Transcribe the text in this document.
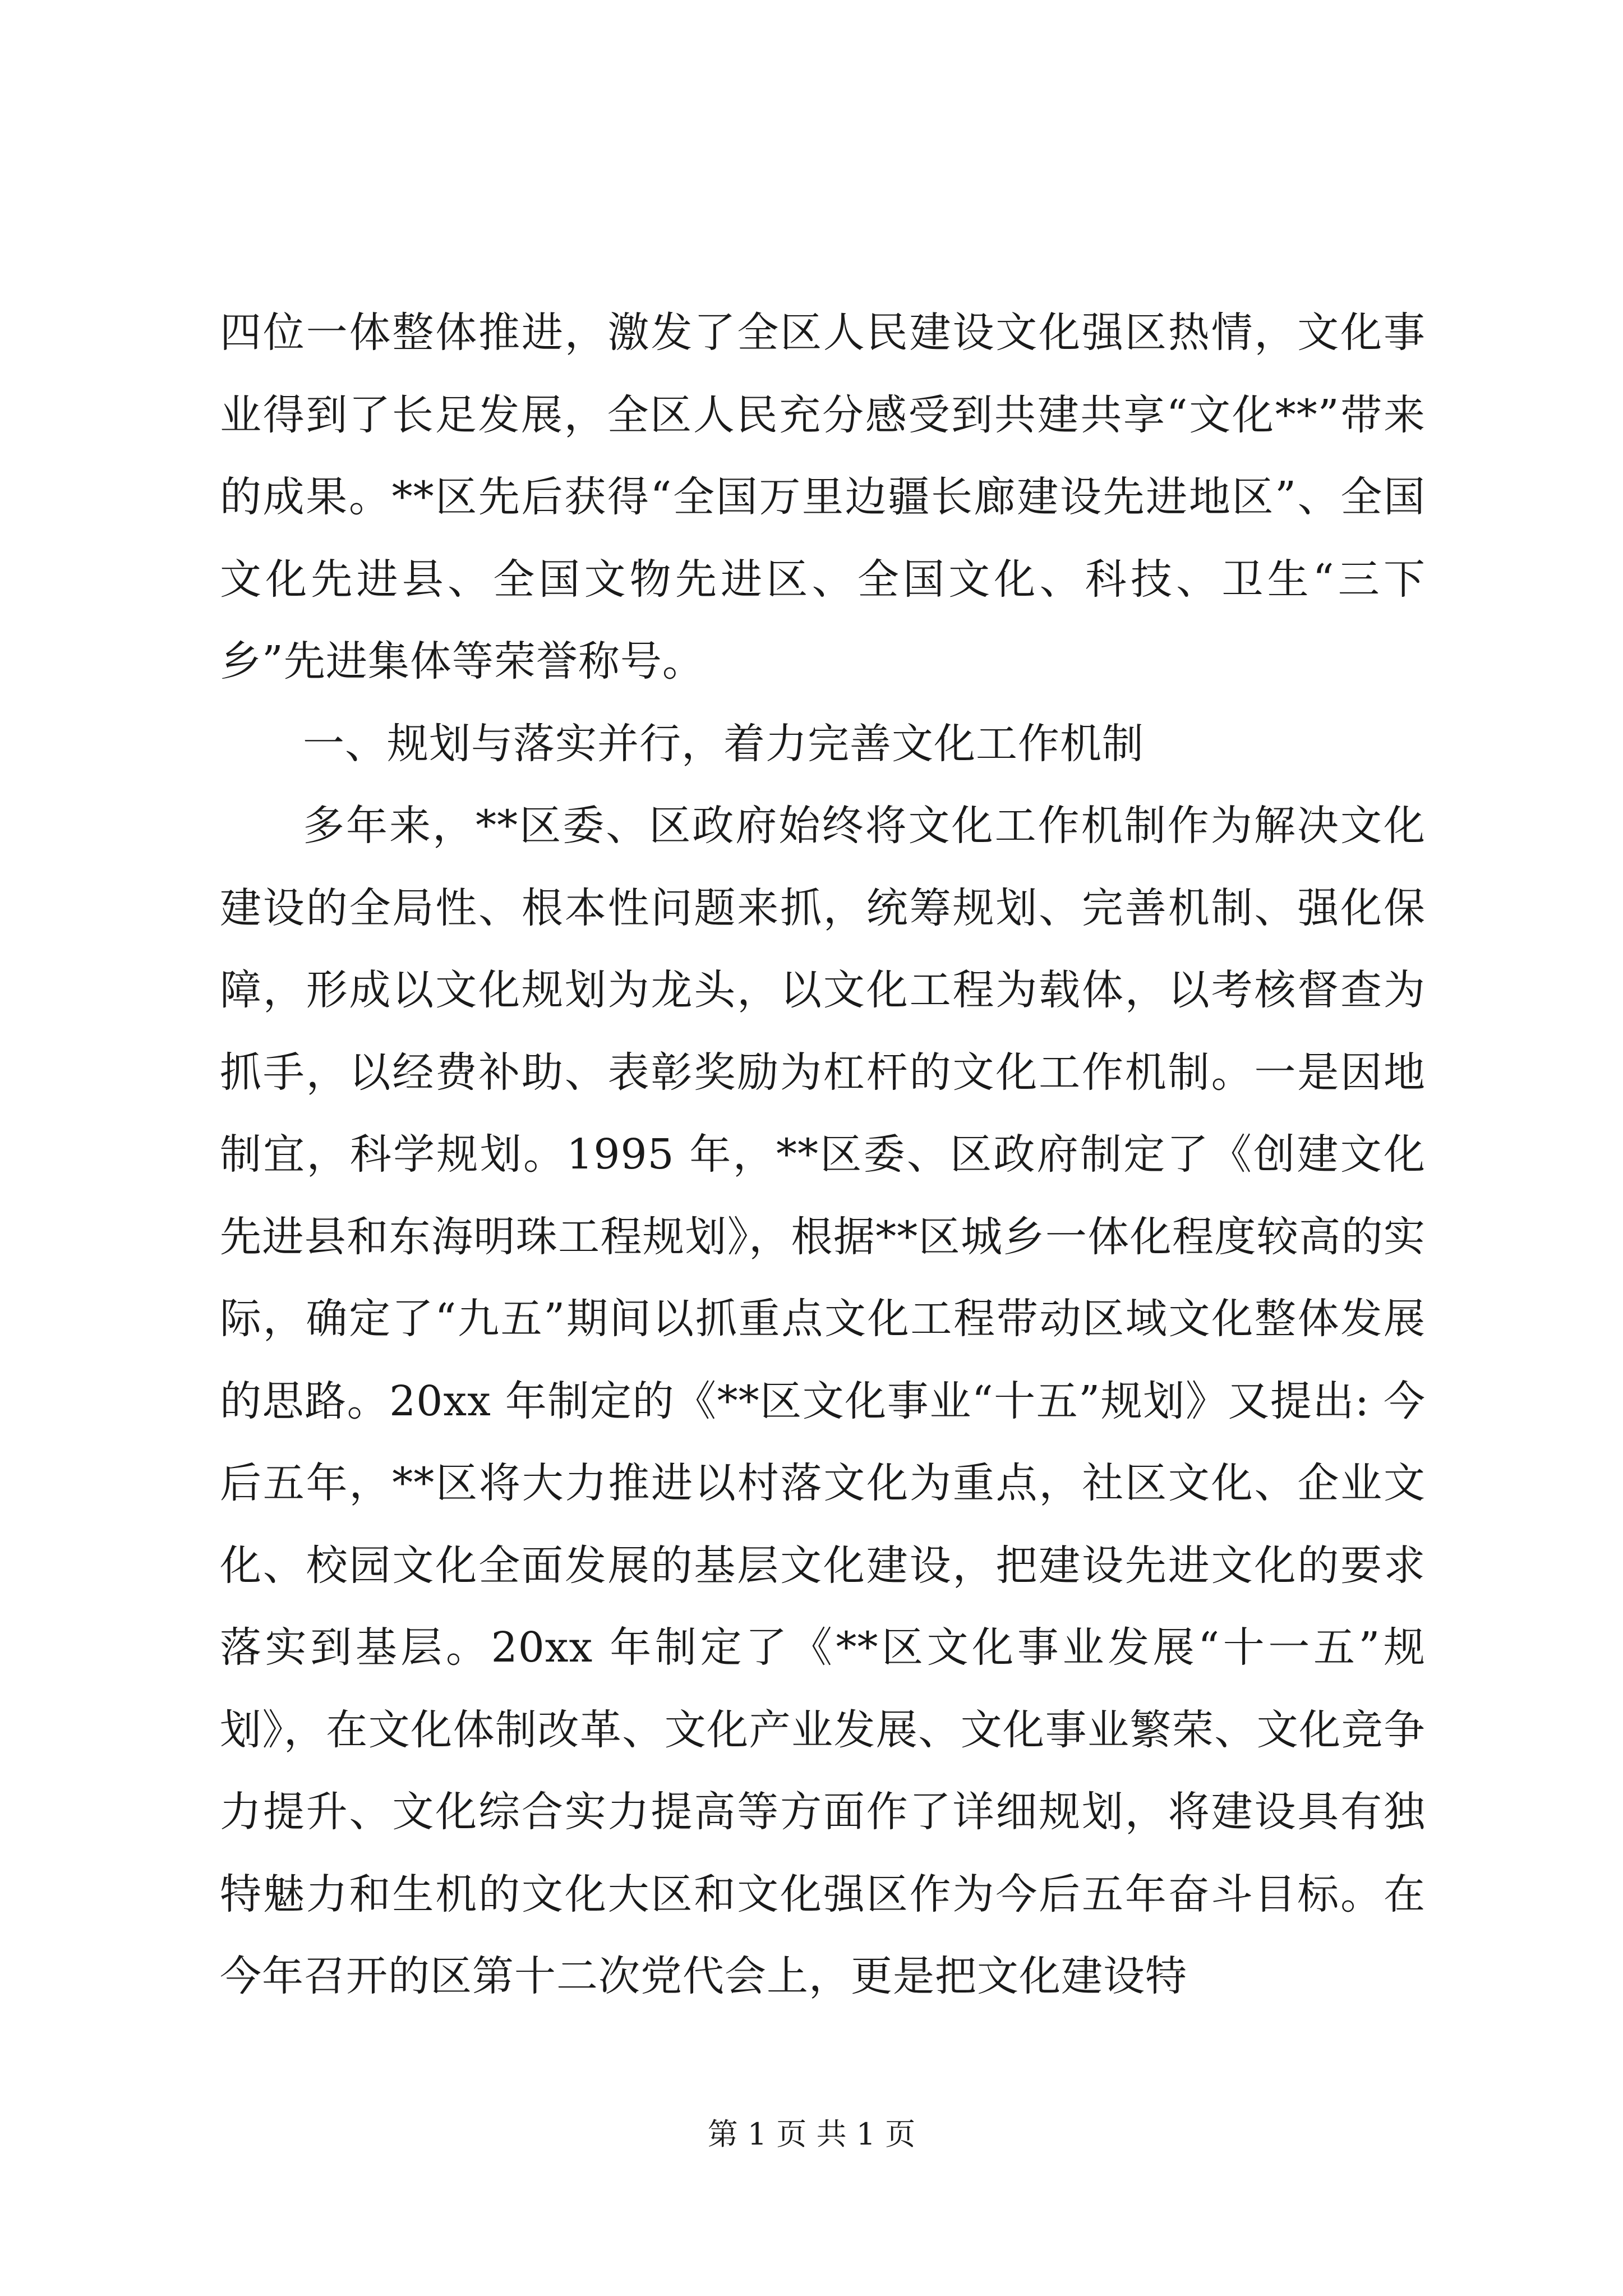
四位一体整体推进，激发了全区人民建设文化强区热情，文化事业得到了长足发展，全区人民充分感受到共建共享“文化**”带来的成果。**区先后获得“全国万里边疆长廊建设先进地区”、全国文化先进县、全国文物先进区、全国文化、科技、卫生“三下乡”先进集体等荣誉称号。

一、规划与落实并行，着力完善文化工作机制

多年来，**区委、区政府始终将文化工作机制作为解决文化建设的全局性、根本性问题来抓，统筹规划、完善机制、强化保障，形成以文化规划为龙头，以文化工程为载体，以考核督查为抓手，以经费补助、表彰奖励为杠杆的文化工作机制。一是因地制宜，科学规划。1995 年，**区委、区政府制定了《创建文化先进县和东海明珠工程规划》，根据**区城乡一体化程度较高的实际，确定了“九五”期间以抓重点文化工程带动区域文化整体发展的思路。20xx 年制定的《**区文化事业“十五”规划》又提出: 今后五年，**区将大力推进以村落文化为重点，社区文化、企业文化、校园文化全面发展的基层文化建设，把建设先进文化的要求落实到基层。20xx 年制定了《**区文化事业发展“十一五”规划》，在文化体制改革、文化产业发展、文化事业繁荣、文化竞争力提升、文化综合实力提高等方面作了详细规划，将建设具有独特魅力和生机的文化大区和文化强区作为今后五年奋斗目标。在今年召开的区第十二次党代会上，更是把文化建设特

第 1 页 共 1 页
